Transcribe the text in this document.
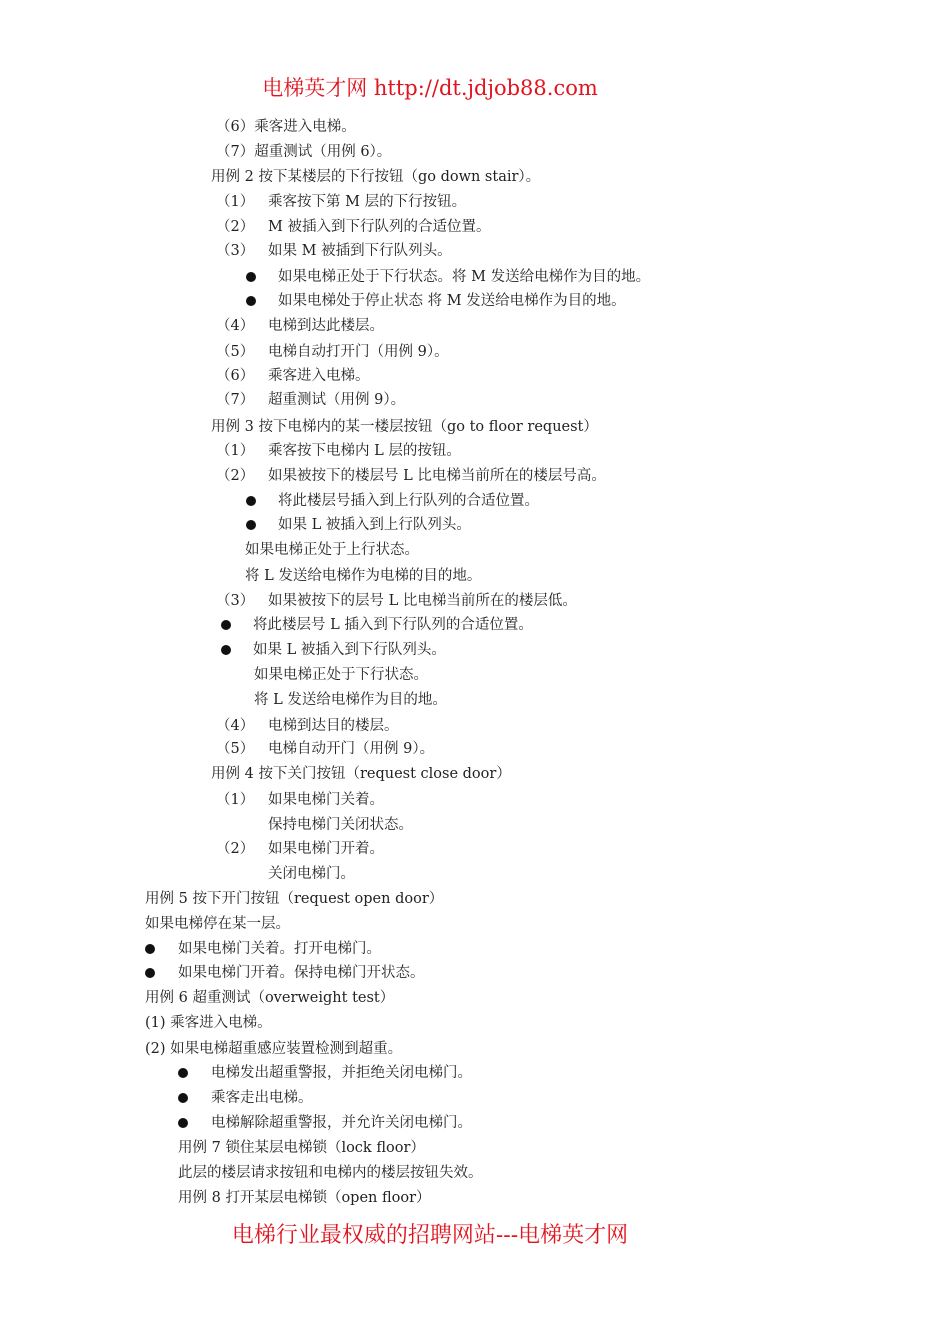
电梯英才网 http://dt.jdjob88.com
（6）乘客进入电梯。
（7）超重测试（用例 6）。
用例 2 按下某楼层的下行按钮（go down stair）。
（1） 乘客按下第 M 层的下行按钮。
（2） M 被插入到下行队列的合适位置。
（3） 如果 M 被插到下行队列头。
如果电梯正处于下行状态。将 M 发送给电梯作为目的地。
如果电梯处于停止状态 将 M 发送给电梯作为目的地。
（4） 电梯到达此楼层。
（5） 电梯自动打开门（用例 9）。
（6） 乘客进入电梯。
（7） 超重测试（用例 9）。
用例 3 按下电梯内的某一楼层按钮（go to floor request）
（1） 乘客按下电梯内 L 层的按钮。
（2） 如果被按下的楼层号 L 比电梯当前所在的楼层号高。
将此楼层号插入到上行队列的合适位置。
如果 L 被插入到上行队列头。
如果电梯正处于上行状态。
将 L 发送给电梯作为电梯的目的地。
（3） 如果被按下的层号 L 比电梯当前所在的楼层低。
将此楼层号 L 插入到下行队列的合适位置。
如果 L 被插入到下行队列头。
如果电梯正处于下行状态。
将 L 发送给电梯作为目的地。
（4） 电梯到达目的楼层。
（5） 电梯自动开门（用例 9）。
用例 4 按下关门按钮（request close door）
（1） 如果电梯门关着。
保持电梯门关闭状态。
（2） 如果电梯门开着。
关闭电梯门。
用例 5 按下开门按钮（request open door）
如果电梯停在某一层。
如果电梯门关着。打开电梯门。
如果电梯门开着。保持电梯门开状态。
用例 6 超重测试（overweight test）
(1) 乘客进入电梯。
(2) 如果电梯超重感应装置检测到超重。
电梯发出超重警报，并拒绝关闭电梯门。
乘客走出电梯。
电梯解除超重警报，并允许关闭电梯门。
用例 7 锁住某层电梯锁（lock floor）
此层的楼层请求按钮和电梯内的楼层按钮失效。
用例 8 打开某层电梯锁（open floor）
电梯行业最权威的招聘网站---电梯英才网
